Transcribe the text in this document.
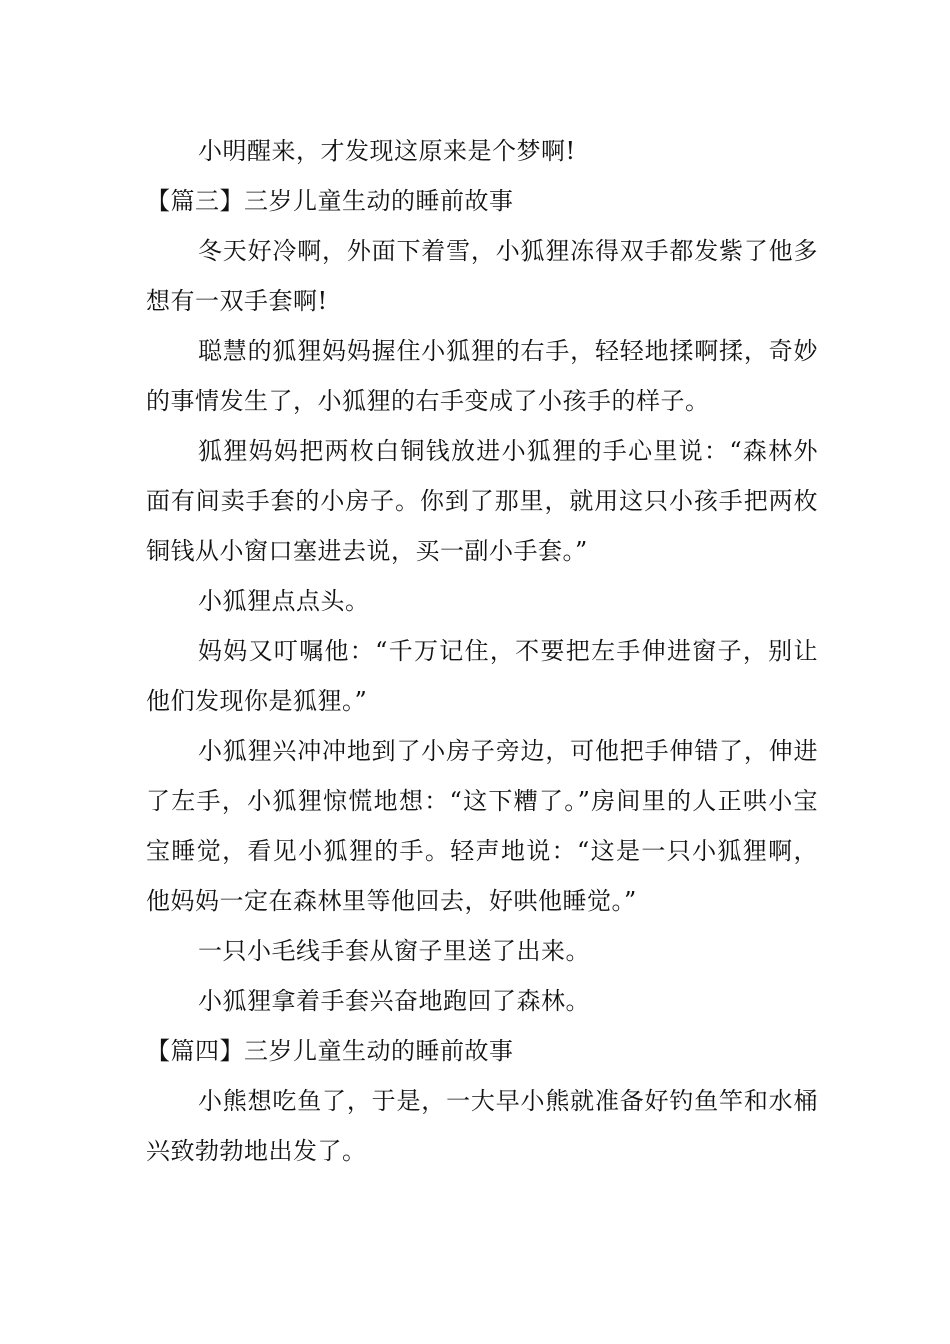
小明醒来，才发现这原来是个梦啊!

【篇三】三岁儿童生动的睡前故事

冬天好冷啊，外面下着雪，小狐狸冻得双手都发紫了他多想有一双手套啊!

聪慧的狐狸妈妈握住小狐狸的右手，轻轻地揉啊揉，奇妙的事情发生了，小狐狸的右手变成了小孩手的样子。

狐狸妈妈把两枚白铜钱放进小狐狸的手心里说：“森林外面有间卖手套的小房子。你到了那里，就用这只小孩手把两枚铜钱从小窗口塞进去说，买一副小手套。”

小狐狸点点头。

妈妈又叮嘱他：“千万记住，不要把左手伸进窗子，别让他们发现你是狐狸。”

小狐狸兴冲冲地到了小房子旁边，可他把手伸错了，伸进了左手，小狐狸惊慌地想：“这下糟了。”房间里的人正哄小宝宝睡觉，看见小狐狸的手。轻声地说：“这是一只小狐狸啊，他妈妈一定在森林里等他回去，好哄他睡觉。”

一只小毛线手套从窗子里送了出来。

小狐狸拿着手套兴奋地跑回了森林。

【篇四】三岁儿童生动的睡前故事

小熊想吃鱼了，于是，一大早小熊就准备好钓鱼竿和水桶兴致勃勃地出发了。
